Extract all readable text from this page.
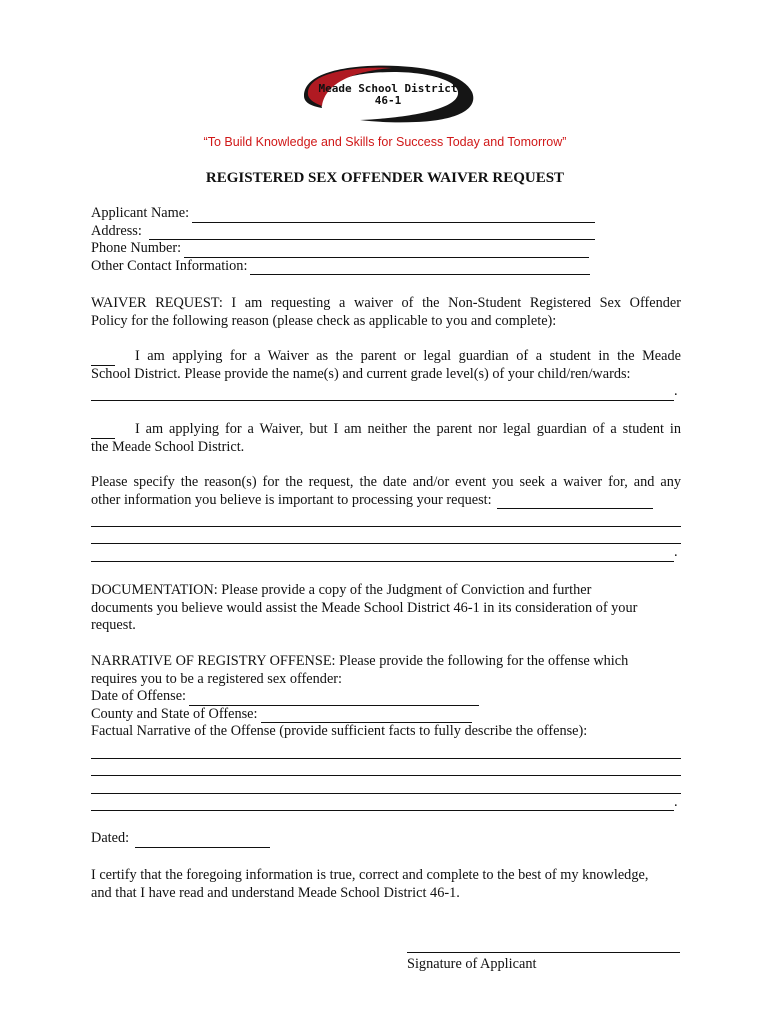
Meade School District
46-1
“To Build Knowledge and Skills for Success Today and Tomorrow”
REGISTERED SEX OFFENDER WAIVER REQUEST
Applicant Name:
Address:
Phone Number:
Other Contact Information:

WAIVER REQUEST: I am requesting a waiver of the Non-Student Registered Sex Offender

Policy for the following reason (please check as applicable to you and complete):

I am applying for a Waiver as the parent or legal guardian of a student in the Meade

School District. Please provide the name(s) and current grade level(s) of your child/ren/wards:

.
I am applying for a Waiver, but I am neither the parent nor legal guardian of a student in

the Meade School District.

Please specify the reason(s) for the request, the date and/or event you seek a waiver for, and any

other information you believe is important to processing your request:
.

DOCUMENTATION: Please provide a copy of the Judgment of Conviction and further

documents you believe would assist the Meade School District 46-1 in its consideration of your

request.

NARRATIVE OF REGISTRY OFFENSE: Please provide the following for the offense which

requires you to be a registered sex offender:

Date of Offense:
County and State of Offense:

Factual Narrative of the Offense (provide sufficient facts to fully describe the offense):

.
Dated:

I certify that the foregoing information is true, correct and complete to the best of my knowledge,

and that I have read and understand Meade School District 46-1.

Signature of Applicant
